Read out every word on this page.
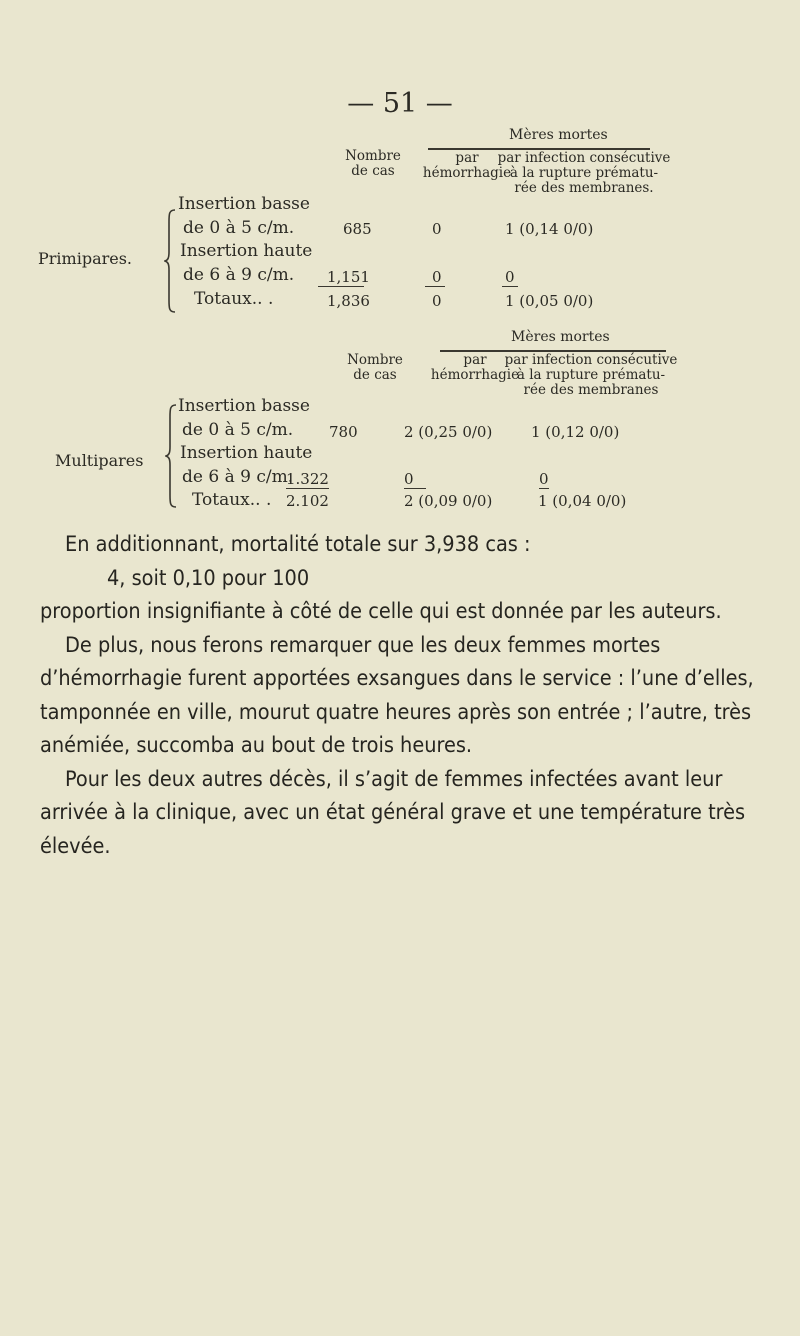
— 51 —
Mères mortes
Nombre
de cas
par
hémorrhagie
par infection consécutive
à la rupture prématu-
rée des membranes.
Primipares.
Insertion basse
de 0 à 5 c/m.	685	0	1 (0,14 0/0)
Insertion haute
de 6 à 9 c/m. 1,151	0	0
Totaux.. .	1,836	0	1 (0,05 0/0)
Mères mortes
Nombre
de cas
par
hémorrhagie
par infection consécutive
à la rupture prématu-
rée des membranes
Multipares
Insertion basse
de 0 à 5 c/m. 780	2 (0,25 0/0)	1 (0,12 0/0)
Insertion haute
de 6 à 9 c/m.
1.322	0	0
Totaux.. . 2.102	2 (0,09 0/0)	1 (0,04 0/0)

En additionnant, mortalité totale sur 3,938 cas :

4, soit 0,10 pour 100

proportion insignifiante à côté de celle qui est donnée par les auteurs.

De plus, nous ferons remarquer que les deux femmes mortes d’hémorrhagie furent apportées exsangues dans le service : l’une d’elles, tamponnée en ville, mourut quatre heures après son entrée ; l’autre, très anémiée, succomba au bout de trois heures.

Pour les deux autres décès, il s’agit de femmes infectées avant leur arrivée à la clinique, avec un état général grave et une température très élevée.
